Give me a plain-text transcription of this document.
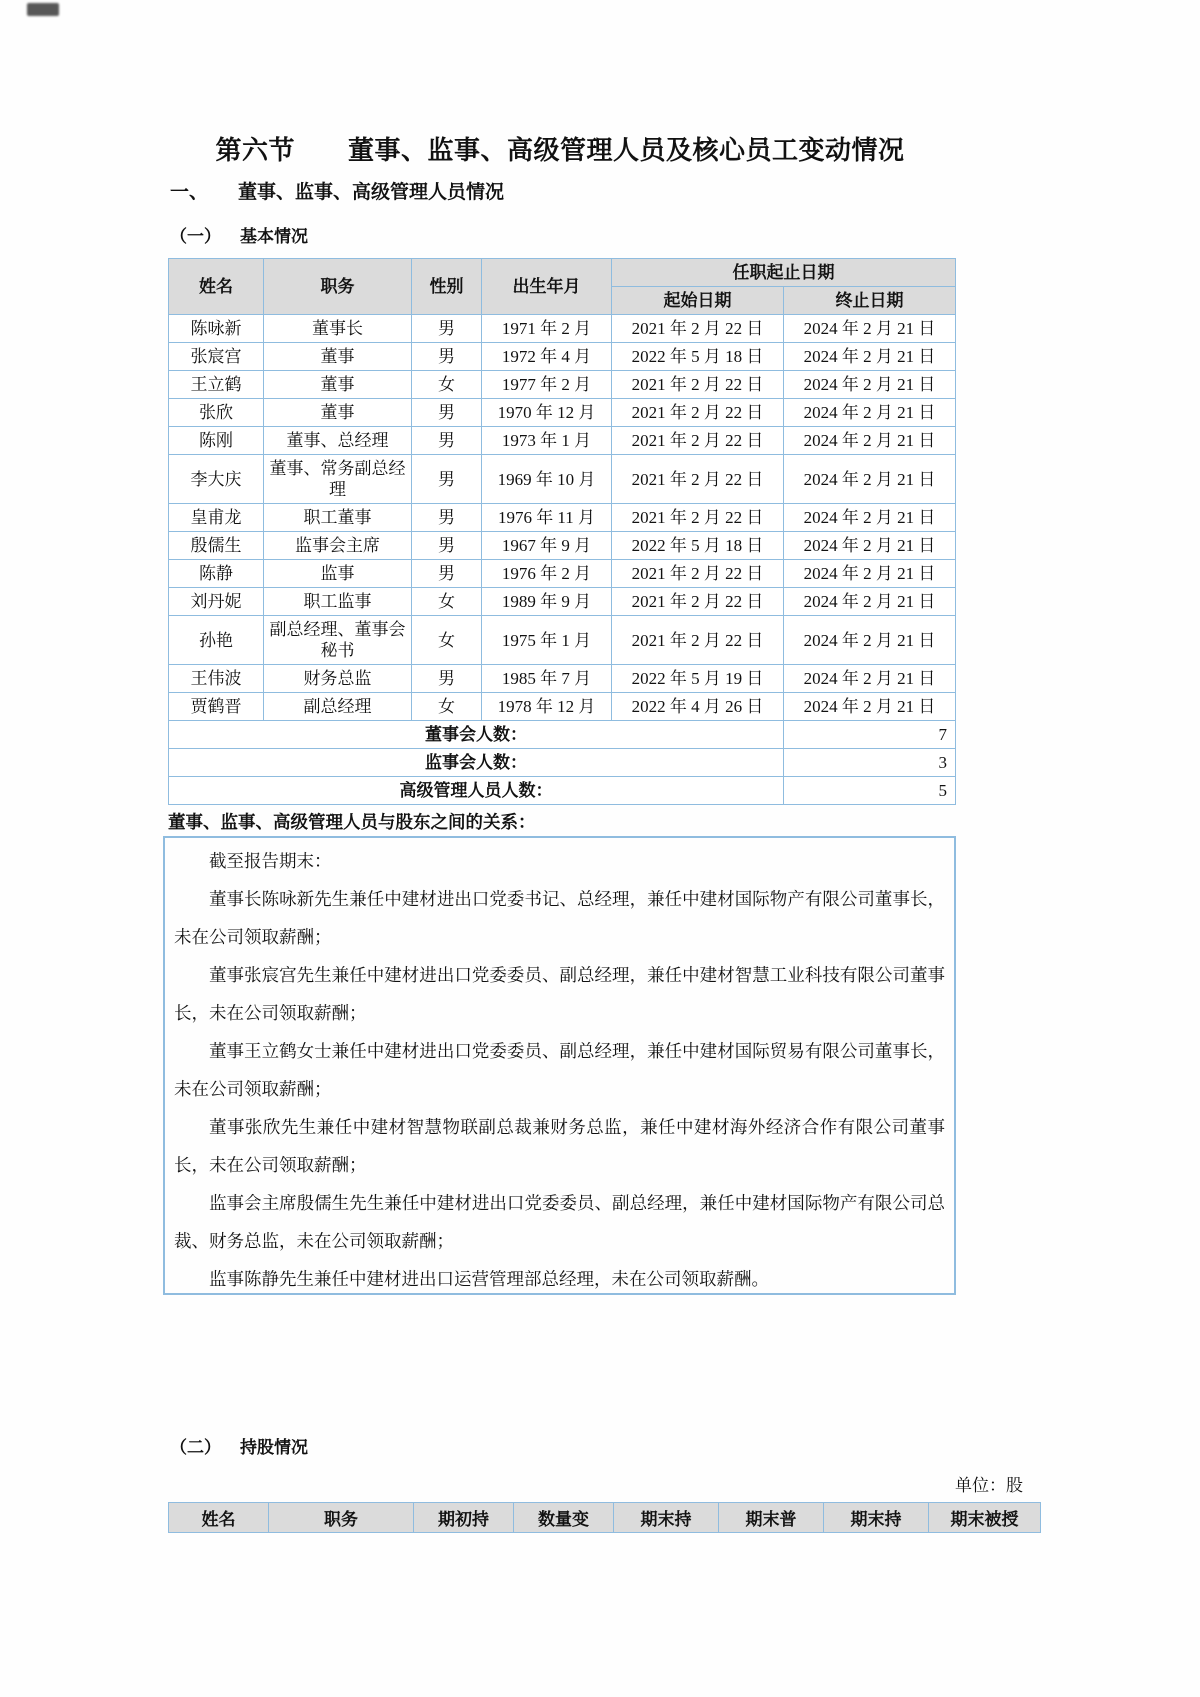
第六节　　董事、监事、高级管理人员及核心员工变动情况
一、 董事、监事、高级管理人员情况
（一） 基本情况
姓名	职务	性别	出生年月	任职起止日期	
				起始日期	终止日期
陈咏新	董事长	男	1971 年 2 月	2021 年 2 月 22 日	2024 年 2 月 21 日
张宸宫	董事	男	1972 年 4 月	2022 年 5 月 18 日	2024 年 2 月 21 日
王立鹤	董事	女	1977 年 2 月	2021 年 2 月 22 日	2024 年 2 月 21 日
张欣	董事	男	1970 年 12 月	2021 年 2 月 22 日	2024 年 2 月 21 日
陈刚	董事、总经理	男	1973 年 1 月	2021 年 2 月 22 日	2024 年 2 月 21 日
李大庆	董事、常务副总经理	男	1969 年 10 月	2021 年 2 月 22 日	2024 年 2 月 21 日
皇甫龙	职工董事	男	1976 年 11 月	2021 年 2 月 22 日	2024 年 2 月 21 日
殷儒生	监事会主席	男	1967 年 9 月	2022 年 5 月 18 日	2024 年 2 月 21 日
陈静	监事	男	1976 年 2 月	2021 年 2 月 22 日	2024 年 2 月 21 日
刘丹妮	职工监事	女	1989 年 9 月	2021 年 2 月 22 日	2024 年 2 月 21 日
孙艳	副总经理、董事会秘书	女	1975 年 1 月	2021 年 2 月 22 日	2024 年 2 月 21 日
王伟波	财务总监	男	1985 年 7 月	2022 年 5 月 19 日	2024 年 2 月 21 日
贾鹤晋	副总经理	女	1978 年 12 月	2022 年 4 月 26 日	2024 年 2 月 21 日
董事会人数：					7
监事会人数：					3
高级管理人员人数：					5
董事、监事、高级管理人员与股东之间的关系：

截至报告期末：

董事长陈咏新先生兼任中建材进出口党委书记、总经理，兼任中建材国际物产有限公司董事长，未在公司领取薪酬；

董事张宸宫先生兼任中建材进出口党委委员、副总经理，兼任中建材智慧工业科技有限公司董事长，未在公司领取薪酬；

董事王立鹤女士兼任中建材进出口党委委员、副总经理，兼任中建材国际贸易有限公司董事长，未在公司领取薪酬；

董事张欣先生兼任中建材智慧物联副总裁兼财务总监，兼任中建材海外经济合作有限公司董事长，未在公司领取薪酬；

监事会主席殷儒生先生兼任中建材进出口党委委员、副总经理，兼任中建材国际物产有限公司总裁、财务总监，未在公司领取薪酬；

监事陈静先生兼任中建材进出口运营管理部总经理，未在公司领取薪酬。

（二） 持股情况
单位：股
姓名	职务	期初持	数量变	期末持	期末普	期末持	期末被授
